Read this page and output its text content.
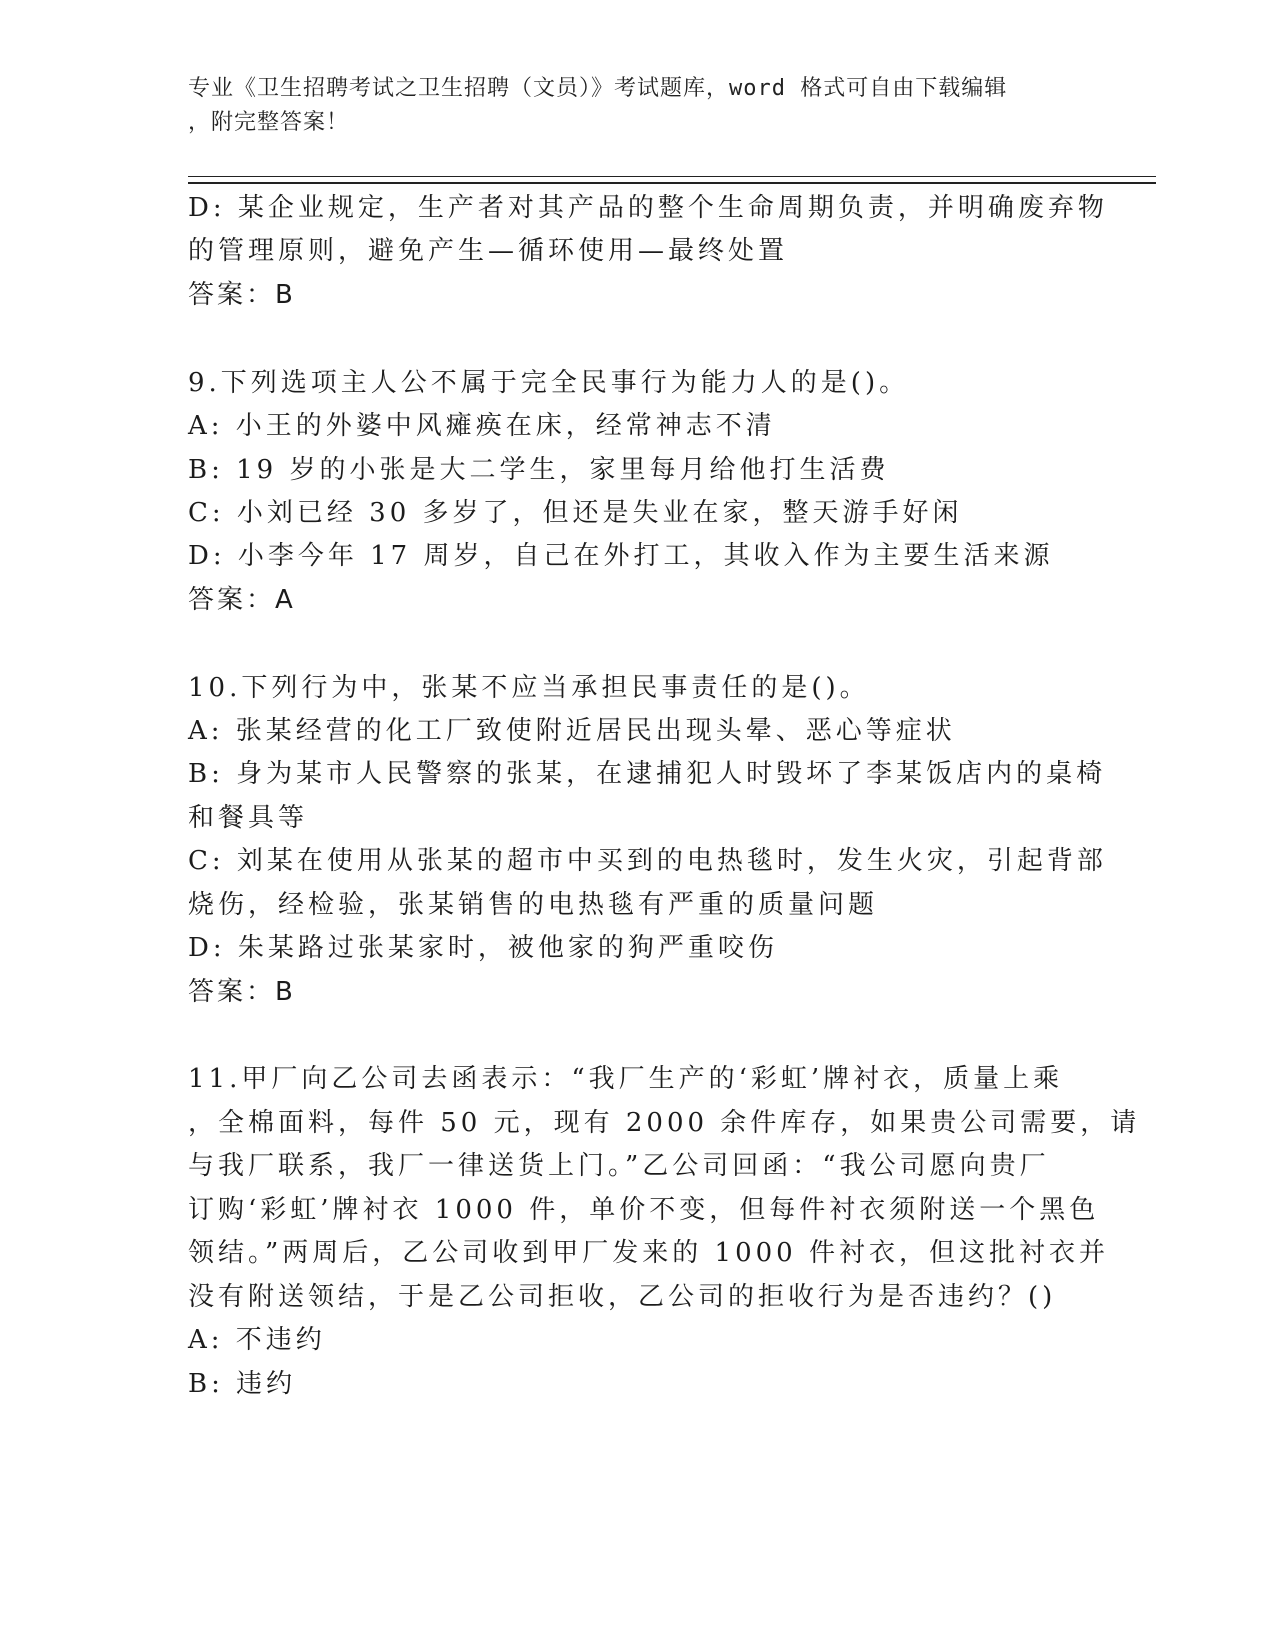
专业《卫生招聘考试之卫生招聘（文员）》考试题库，word 格式可自由下载编辑
，附完整答案！
D: 某企业规定，生产者对其产品的整个生命周期负责，并明确废弃物
的管理原则，避免产生—循环使用—最终处置
答案：B
9.下列选项主人公不属于完全民事行为能力人的是()。
A: 小王的外婆中风瘫痪在床，经常神志不清
B: 19 岁的小张是大二学生，家里每月给他打生活费
C: 小刘已经 30 多岁了，但还是失业在家，整天游手好闲
D: 小李今年 17 周岁，自己在外打工，其收入作为主要生活来源
答案：A
10.下列行为中，张某不应当承担民事责任的是()。
A: 张某经营的化工厂致使附近居民出现头晕、恶心等症状
B: 身为某市人民警察的张某，在逮捕犯人时毁坏了李某饭店内的桌椅
和餐具等
C: 刘某在使用从张某的超市中买到的电热毯时，发生火灾，引起背部
烧伤，经检验，张某销售的电热毯有严重的质量问题
D: 朱某路过张某家时，被他家的狗严重咬伤
答案：B
11.甲厂向乙公司去函表示：“我厂生产的‘彩虹’牌衬衣，质量上乘
，全棉面料，每件 50 元，现有 2000 余件库存，如果贵公司需要，请
与我厂联系，我厂一律送货上门。”乙公司回函：“我公司愿向贵厂
订购‘彩虹’牌衬衣 1000 件，单价不变，但每件衬衣须附送一个黑色
领结。”两周后，乙公司收到甲厂发来的 1000 件衬衣，但这批衬衣并
没有附送领结，于是乙公司拒收，乙公司的拒收行为是否违约？()
A: 不违约
B: 违约
